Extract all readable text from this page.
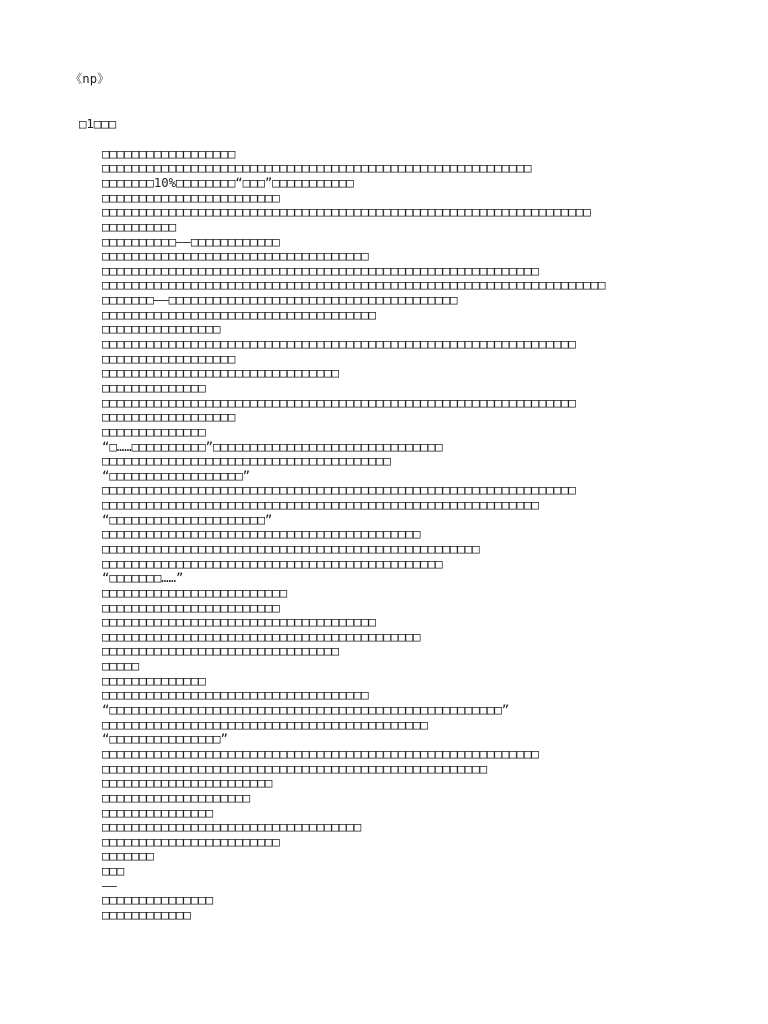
《np》
□1□□□
□□□□□□□□□□□□□□□□□□
□□□□□□□□□□□□□□□□□□□□□□□□□□□□□□□□□□□□□□□□□□□□□□□□□□□□□□□□□□
□□□□□□□10%□□□□□□□□“□□□”□□□□□□□□□□□
□□□□□□□□□□□□□□□□□□□□□□□□
□□□□□□□□□□□□□□□□□□□□□□□□□□□□□□□□□□□□□□□□□□□□□□□□□□□□□□□□□□□□□□□□□□
□□□□□□□□□□
□□□□□□□□□□——□□□□□□□□□□□□
□□□□□□□□□□□□□□□□□□□□□□□□□□□□□□□□□□□□
□□□□□□□□□□□□□□□□□□□□□□□□□□□□□□□□□□□□□□□□□□□□□□□□□□□□□□□□□□□
□□□□□□□□□□□□□□□□□□□□□□□□□□□□□□□□□□□□□□□□□□□□□□□□□□□□□□□□□□□□□□□□□□□□
□□□□□□□——□□□□□□□□□□□□□□□□□□□□□□□□□□□□□□□□□□□□□□□
□□□□□□□□□□□□□□□□□□□□□□□□□□□□□□□□□□□□□
□□□□□□□□□□□□□□□□
□□□□□□□□□□□□□□□□□□□□□□□□□□□□□□□□□□□□□□□□□□□□□□□□□□□□□□□□□□□□□□□□
□□□□□□□□□□□□□□□□□□
□□□□□□□□□□□□□□□□□□□□□□□□□□□□□□□□
□□□□□□□□□□□□□□
□□□□□□□□□□□□□□□□□□□□□□□□□□□□□□□□□□□□□□□□□□□□□□□□□□□□□□□□□□□□□□□□
□□□□□□□□□□□□□□□□□□
□□□□□□□□□□□□□□
“□……□□□□□□□□□□”□□□□□□□□□□□□□□□□□□□□□□□□□□□□□□□
□□□□□□□□□□□□□□□□□□□□□□□□□□□□□□□□□□□□□□□
“□□□□□□□□□□□□□□□□□□”
□□□□□□□□□□□□□□□□□□□□□□□□□□□□□□□□□□□□□□□□□□□□□□□□□□□□□□□□□□□□□□□□
□□□□□□□□□□□□□□□□□□□□□□□□□□□□□□□□□□□□□□□□□□□□□□□□□□□□□□□□□□□
“□□□□□□□□□□□□□□□□□□□□□”
□□□□□□□□□□□□□□□□□□□□□□□□□□□□□□□□□□□□□□□□□□□
□□□□□□□□□□□□□□□□□□□□□□□□□□□□□□□□□□□□□□□□□□□□□□□□□□□
□□□□□□□□□□□□□□□□□□□□□□□□□□□□□□□□□□□□□□□□□□□□□□
“□□□□□□□……”
□□□□□□□□□□□□□□□□□□□□□□□□□
□□□□□□□□□□□□□□□□□□□□□□□□
□□□□□□□□□□□□□□□□□□□□□□□□□□□□□□□□□□□□□
□□□□□□□□□□□□□□□□□□□□□□□□□□□□□□□□□□□□□□□□□□□
□□□□□□□□□□□□□□□□□□□□□□□□□□□□□□□□
□□□□□
□□□□□□□□□□□□□□
□□□□□□□□□□□□□□□□□□□□□□□□□□□□□□□□□□□□
“□□□□□□□□□□□□□□□□□□□□□□□□□□□□□□□□□□□□□□□□□□□□□□□□□□□□□”
□□□□□□□□□□□□□□□□□□□□□□□□□□□□□□□□□□□□□□□□□□□□
“□□□□□□□□□□□□□□□”
□□□□□□□□□□□□□□□□□□□□□□□□□□□□□□□□□□□□□□□□□□□□□□□□□□□□□□□□□□□
□□□□□□□□□□□□□□□□□□□□□□□□□□□□□□□□□□□□□□□□□□□□□□□□□□□□
□□□□□□□□□□□□□□□□□□□□□□□
□□□□□□□□□□□□□□□□□□□□
□□□□□□□□□□□□□□□
□□□□□□□□□□□□□□□□□□□□□□□□□□□□□□□□□□□
□□□□□□□□□□□□□□□□□□□□□□□□
□□□□□□□
□□□
——
□□□□□□□□□□□□□□□
□□□□□□□□□□□□
